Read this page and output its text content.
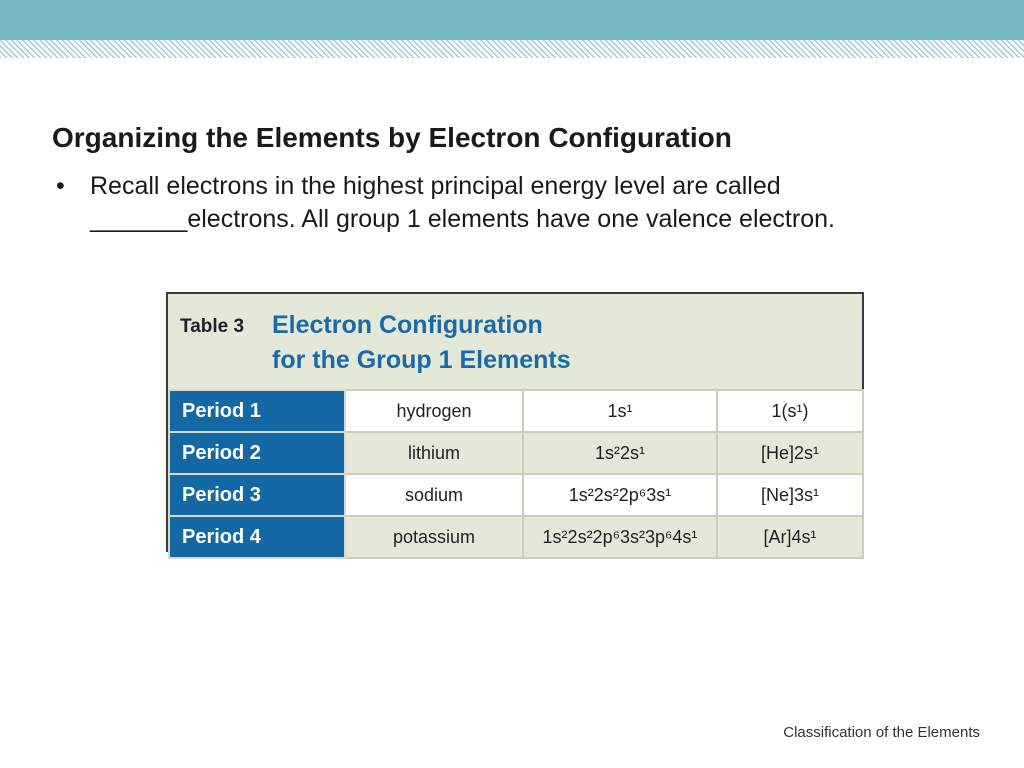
Organizing the Elements by Electron Configuration
• Recall electrons in the highest principal energy level are called _______electrons. All group 1 elements have one valence electron.
Table 3 Electron Configuration
for the Group 1 Elements
Period 1	hydrogen	1s¹	1(s¹)
Period 2	lithium	1s²2s¹	[He]2s¹
Period 3	sodium	1s²2s²2p⁶3s¹	[Ne]3s¹
Period 4	potassium	1s²2s²2p⁶3s²3p⁶4s¹	[Ar]4s¹
Classification of the Elements
